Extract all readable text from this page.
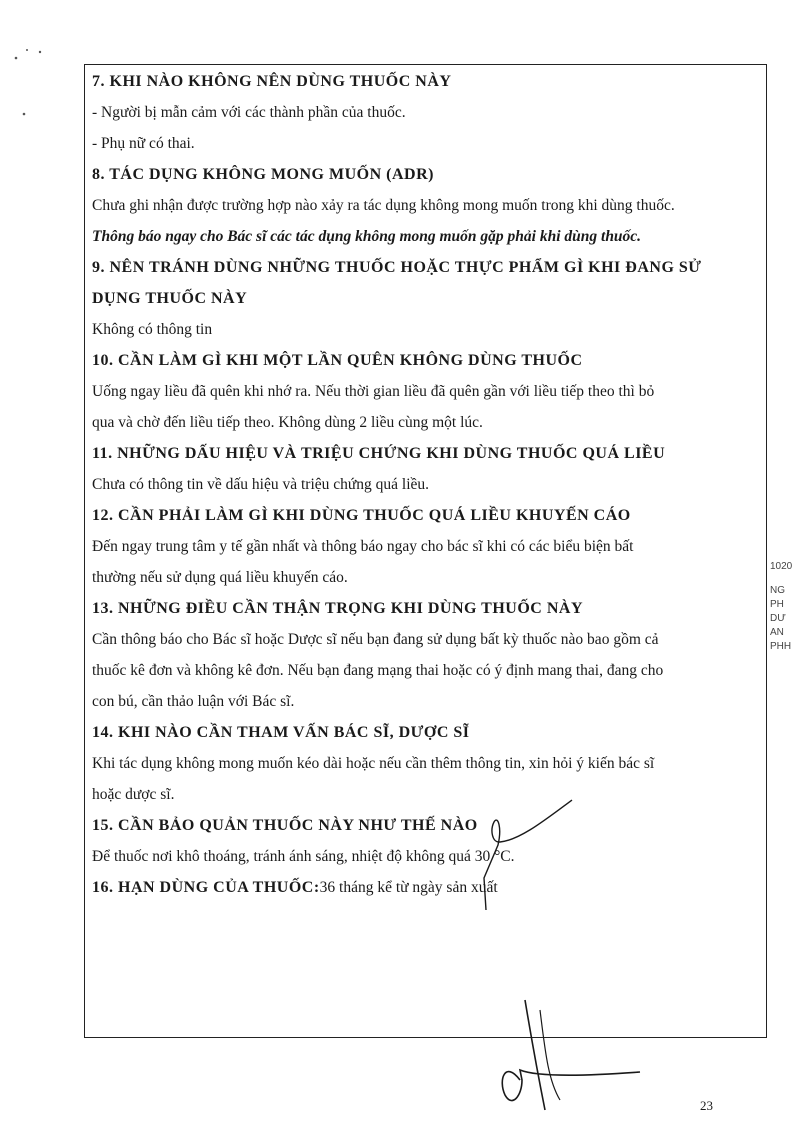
7. KHI NÀO KHÔNG NÊN DÙNG THUỐC NÀY
- Người bị mẫn cảm với các thành phần của thuốc.
- Phụ nữ có thai.
8. TÁC DỤNG KHÔNG MONG MUỐN (ADR)
Chưa ghi nhận được trường hợp nào xảy ra tác dụng không mong muốn trong khi dùng thuốc.
Thông báo ngay cho Bác sĩ các tác dụng không mong muốn gặp phải khi dùng thuốc.
9. NÊN TRÁNH DÙNG NHỮNG THUỐC HOẶC THỰC PHẨM GÌ KHI ĐANG SỬ
DỤNG THUỐC NÀY
Không có thông tin
10. CẦN LÀM GÌ KHI MỘT LẦN QUÊN KHÔNG DÙNG THUỐC
Uống ngay liều đã quên khi nhớ ra. Nếu thời gian liều đã quên gần với liều tiếp theo thì bỏ
qua và chờ đến liều tiếp theo. Không dùng 2 liều cùng một lúc.
11. NHỮNG DẤU HIỆU VÀ TRIỆU CHỨNG KHI DÙNG THUỐC QUÁ LIỀU
Chưa có thông tin về dấu hiệu và triệu chứng quá liều.
12. CẦN PHẢI LÀM GÌ KHI DÙNG THUỐC QUÁ LIỀU KHUYẾN CÁO
Đến ngay trung tâm y tế gần nhất và thông báo ngay cho bác sĩ khi có các biểu biện bất
thường nếu sử dụng quá liều khuyến cáo.
13. NHỮNG ĐIỀU CẦN THẬN TRỌNG KHI DÙNG THUỐC NÀY
Cần thông báo cho Bác sĩ hoặc Dược sĩ nếu bạn đang sử dụng bất kỳ thuốc nào bao gồm cả
thuốc kê đơn và không kê đơn. Nếu bạn đang mạng thai hoặc có ý định mang thai, đang cho
con bú, cần thảo luận với Bác sĩ.
14. KHI NÀO CẦN THAM VẤN BÁC SĨ, DƯỢC SĨ
Khi tác dụng không mong muốn kéo dài hoặc nếu cần thêm thông tin, xin hỏi ý kiến bác sĩ
hoặc dược sĩ.
15. CẦN BẢO QUẢN THUỐC NÀY NHƯ THẾ NÀO
Để thuốc nơi khô thoáng, tránh ánh sáng, nhiệt độ không quá 30 °C.
16. HẠN DÙNG CỦA THUỐC: 36 tháng kể từ ngày sản xuất
1020
NG
PH
DƯ
AN
PHH
23
